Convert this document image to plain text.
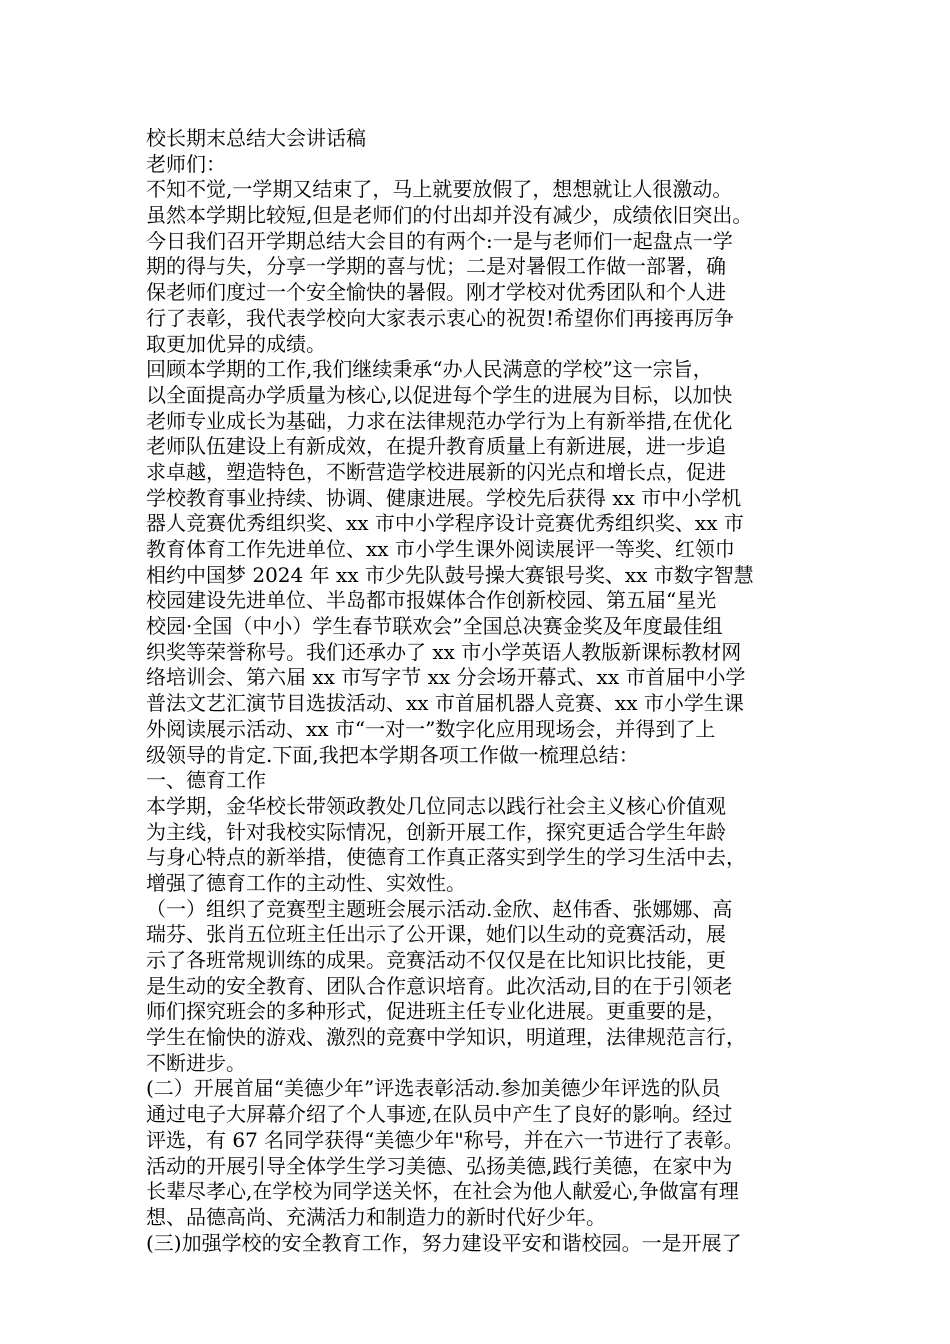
校长期末总结大会讲话稿
老师们：
不知不觉,一学期又结束了，马上就要放假了，想想就让人很激动。
虽然本学期比较短,但是老师们的付出却并没有减少，成绩依旧突出。
今日我们召开学期总结大会目的有两个:一是与老师们一起盘点一学
期的得与失，分享一学期的喜与忧；二是对暑假工作做一部署，确
保老师们度过一个安全愉快的暑假。刚才学校对优秀团队和个人进
行了表彰，我代表学校向大家表示衷心的祝贺!希望你们再接再厉争
取更加优异的成绩。
回顾本学期的工作,我们继续秉承“办人民满意的学校”这一宗旨，
以全面提高办学质量为核心,以促进每个学生的进展为目标，以加快
老师专业成长为基础，力求在法律规范办学行为上有新举措,在优化
老师队伍建设上有新成效，在提升教育质量上有新进展，进一步追
求卓越，塑造特色，不断营造学校进展新的闪光点和增长点，促进
学校教育事业持续、协调、健康进展。学校先后获得 xx 市中小学机
器人竞赛优秀组织奖、xx 市中小学程序设计竞赛优秀组织奖、xx 市
教育体育工作先进单位、xx 市小学生课外阅读展评一等奖、红领巾
相约中国梦 2024 年 xx 市少先队鼓号操大赛银号奖、xx 市数字智慧
校园建设先进单位、半岛都市报媒体合作创新校园、第五届“星光
校园·全国（中小）学生春节联欢会”全国总决赛金奖及年度最佳组
织奖等荣誉称号。我们还承办了 xx 市小学英语人教版新课标教材网
络培训会、第六届 xx 市写字节 xx 分会场开幕式、xx 市首届中小学
普法文艺汇演节目选拔活动、xx 市首届机器人竞赛、xx 市小学生课
外阅读展示活动、xx 市“一对一”数字化应用现场会，并得到了上
级领导的肯定.下面,我把本学期各项工作做一梳理总结：
一、德育工作
本学期，金华校长带领政教处几位同志以践行社会主义核心价值观
为主线，针对我校实际情况，创新开展工作，探究更适合学生年龄
与身心特点的新举措，使德育工作真正落实到学生的学习生活中去，
增强了德育工作的主动性、实效性。
（一）组织了竞赛型主题班会展示活动.金欣、赵伟香、张娜娜、高
瑞芬、张肖五位班主任出示了公开课，她们以生动的竞赛活动，展
示了各班常规训练的成果。竞赛活动不仅仅是在比知识比技能，更
是生动的安全教育、团队合作意识培育。此次活动,目的在于引领老
师们探究班会的多种形式，促进班主任专业化进展。更重要的是，
学生在愉快的游戏、激烈的竞赛中学知识，明道理，法律规范言行，
不断进步。
(二）开展首届“美德少年”评选表彰活动.参加美德少年评选的队员
通过电子大屏幕介绍了个人事迹,在队员中产生了良好的影响。经过
评选，有 67 名同学获得“美德少年"称号，并在六一节进行了表彰。
活动的开展引导全体学生学习美德、弘扬美德,践行美德，在家中为
长辈尽孝心,在学校为同学送关怀，在社会为他人献爱心,争做富有理
想、品德高尚、充满活力和制造力的新时代好少年。
(三)加强学校的安全教育工作，努力建设平安和谐校园。一是开展了
